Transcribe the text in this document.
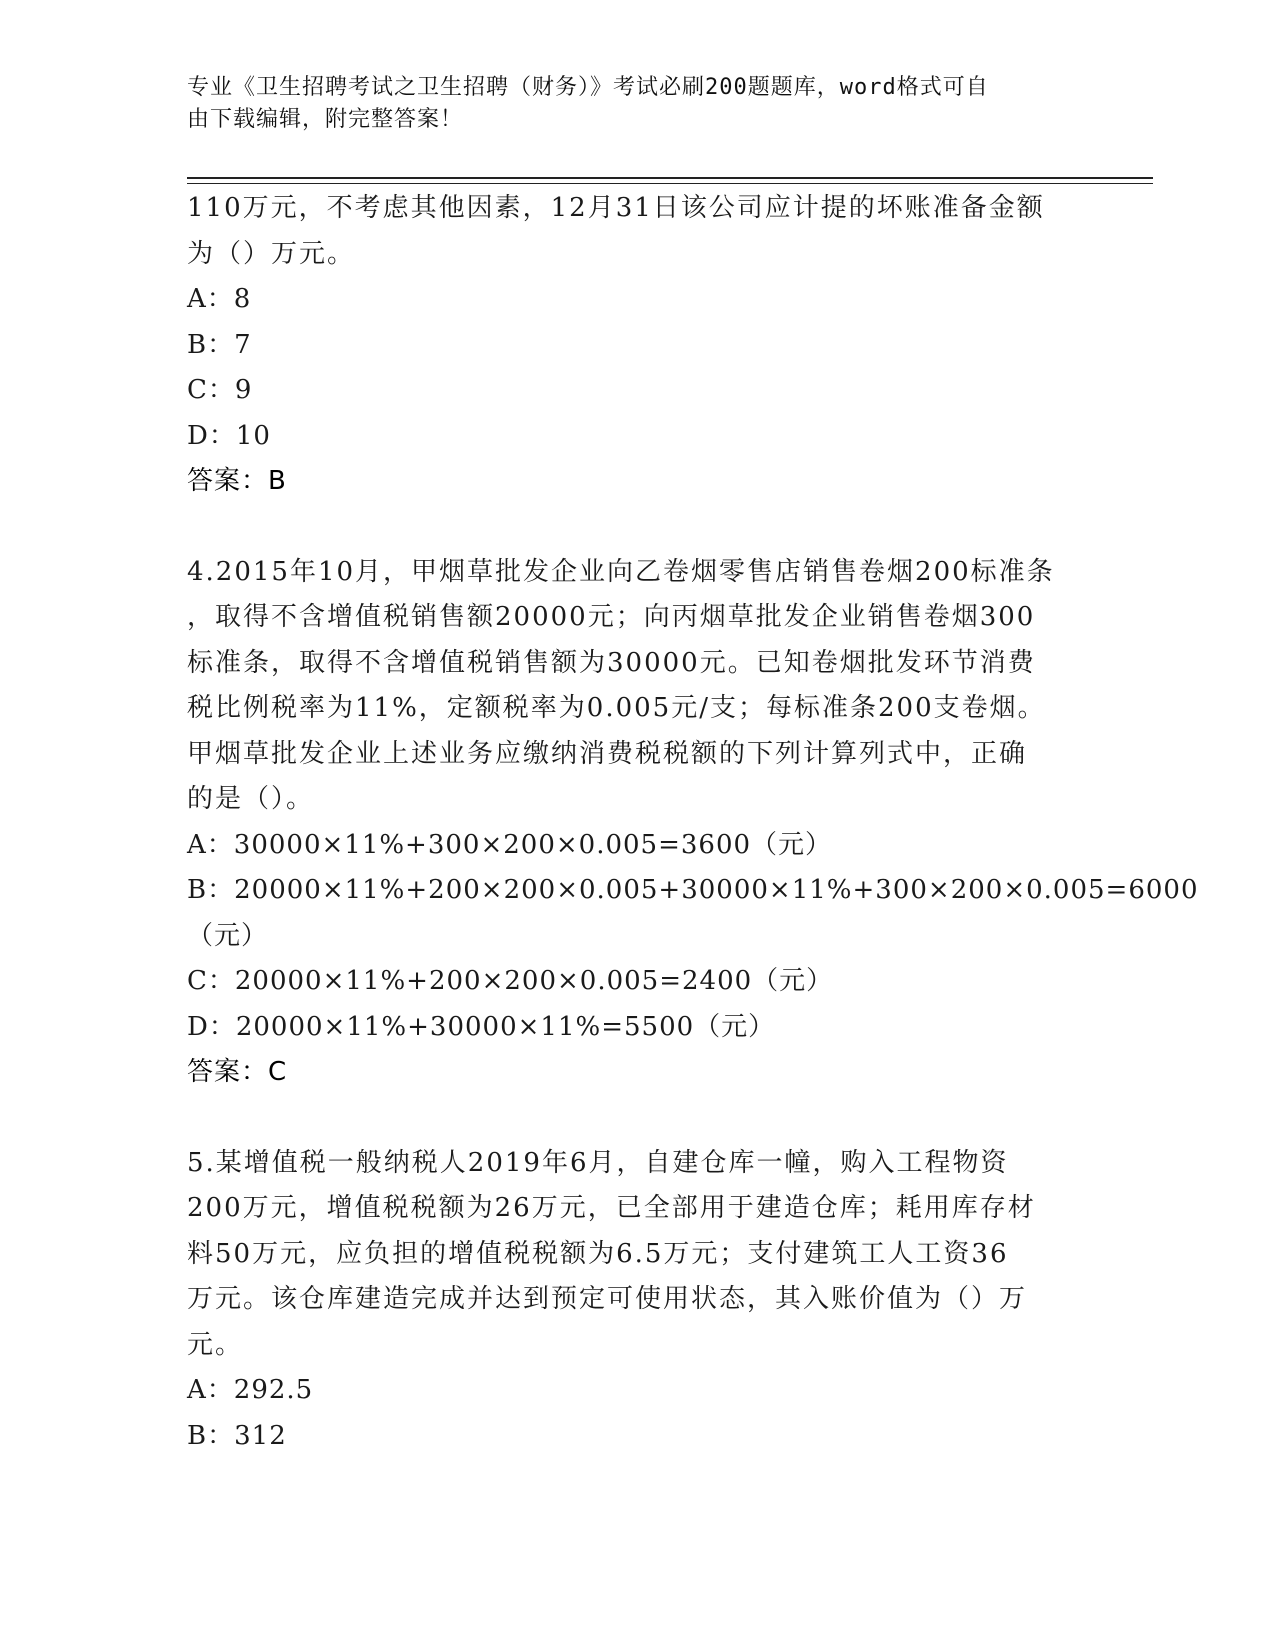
专业《卫生招聘考试之卫生招聘（财务）》考试必刷200题题库，word格式可自
由下载编辑，附完整答案！
110万元，不考虑其他因素，12月31日该公司应计提的坏账准备金额
为（）万元。
A：8
B：7
C：9
D：10
答案：B
4.2015年10月，甲烟草批发企业向乙卷烟零售店销售卷烟200标准条
，取得不含增值税销售额20000元；向丙烟草批发企业销售卷烟300
标准条，取得不含增值税销售额为30000元。已知卷烟批发环节消费
税比例税率为11%，定额税率为0.005元/支；每标准条200支卷烟。
甲烟草批发企业上述业务应缴纳消费税税额的下列计算列式中，正确
的是（）。
A：30000×11%+300×200×0.005=3600（元）
B：20000×11%+200×200×0.005+30000×11%+300×200×0.005=6000
（元）
C：20000×11%+200×200×0.005=2400（元）
D：20000×11%+30000×11%=5500（元）
答案：C
5.某增值税一般纳税人2019年6月，自建仓库一幢，购入工程物资
200万元，增值税税额为26万元，已全部用于建造仓库；耗用库存材
料50万元，应负担的增值税税额为6.5万元；支付建筑工人工资36
万元。该仓库建造完成并达到预定可使用状态，其入账价值为（）万
元。
A：292.5
B：312
